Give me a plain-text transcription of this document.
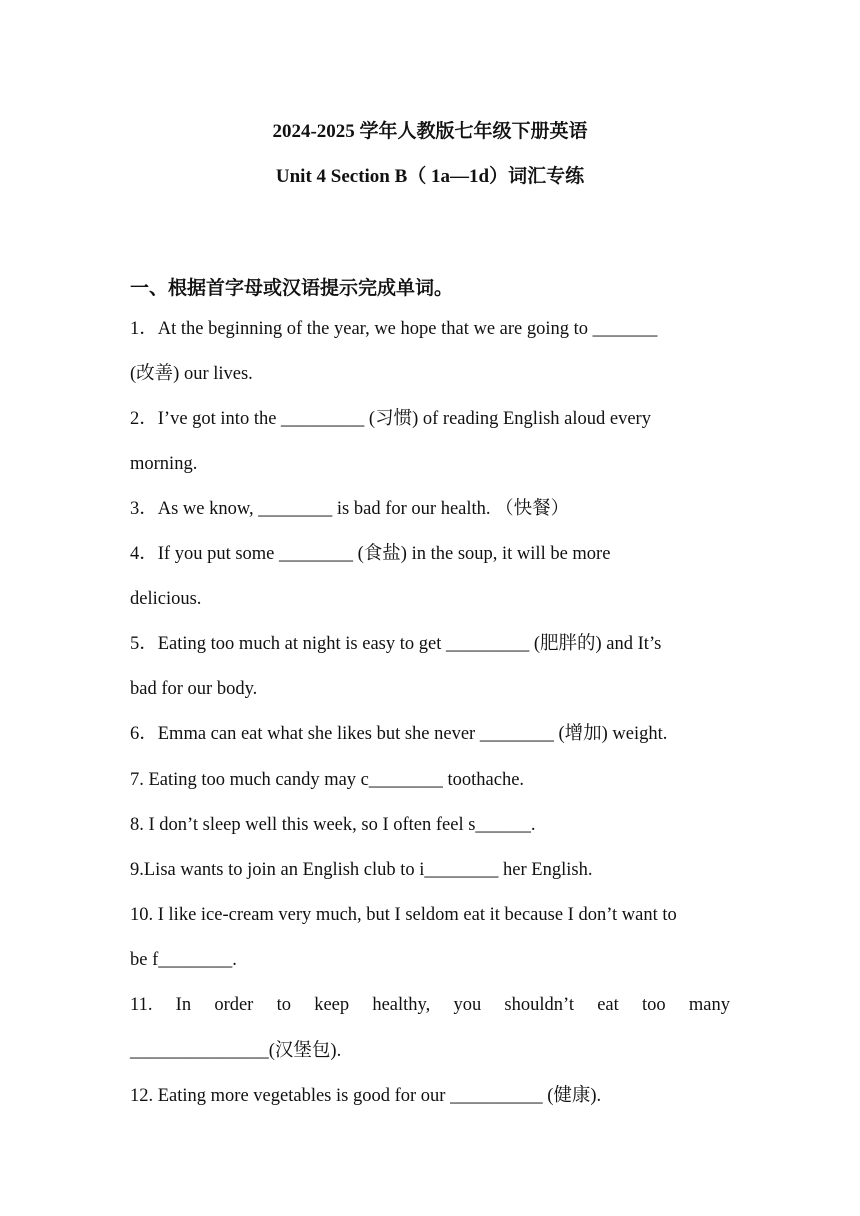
2024-2025 学年人教版七年级下册英语
Unit 4 Section B（ 1a—1d）词汇专练
一、根据首字母或汉语提示完成单词。
1．At the beginning of the year, we hope that we are going to _______
(改善) our lives.
2．I’ve got into the _________ (习惯) of reading English aloud every
morning.
3．As we know, ________ is bad for our health. （快餐）
4．If you put some ________ (食盐) in the soup, it will be more
delicious.
5．Eating too much at night is easy to get _________ (肥胖的) and It’s
bad for our body.
6．Emma can eat what she likes but she never ________ (增加) weight.
7. Eating too much candy may c________ toothache.
8. I don’t sleep well this week, so I often feel s______.
9.Lisa wants to join an English club to i________ her English.
10. I like ice-cream very much, but I seldom eat it because I don’t want to
be f________.
11. In order to keep healthy, you shouldn’t eat too many
_______________(汉堡包).
12. Eating more vegetables is good for our __________ (健康).
